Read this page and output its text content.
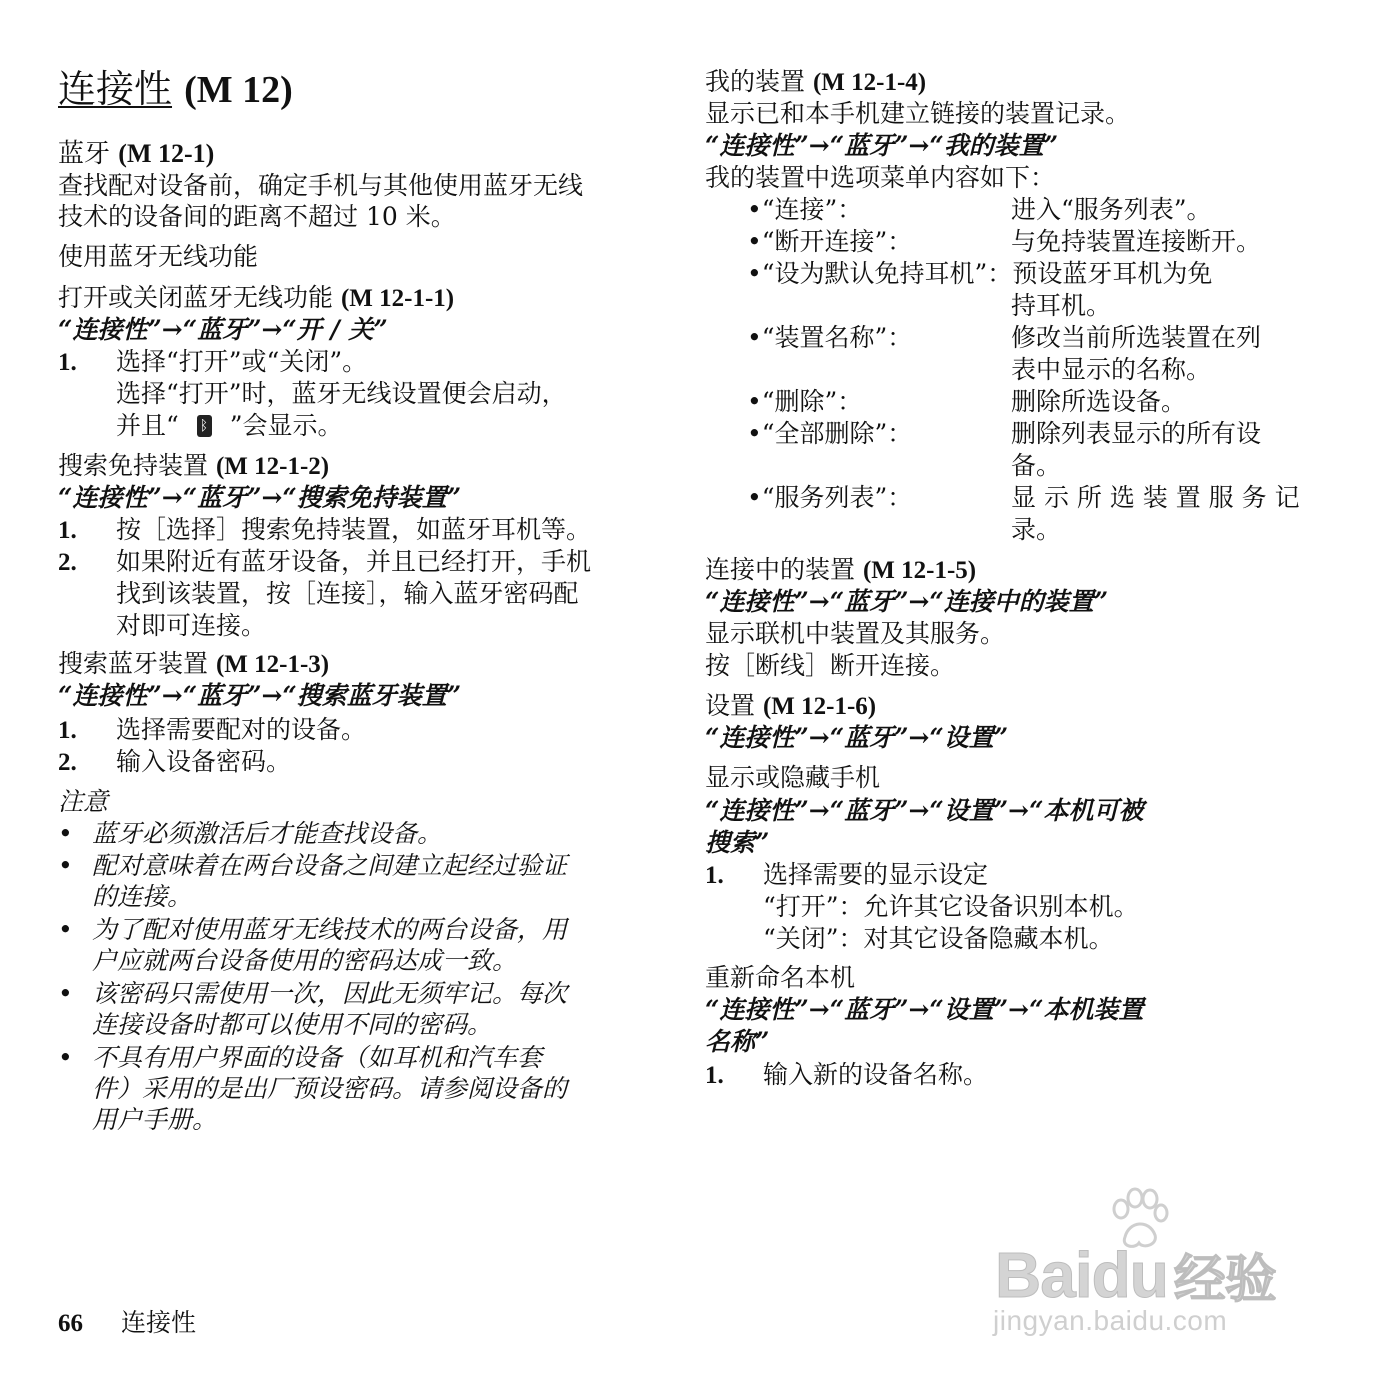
连接性 (M 12)
蓝牙 (M 12-1)
查找配对设备前，确定手机与其他使用蓝牙无线
技术的设备间的距离不超过 10 米。
使用蓝牙无线功能
打开或关闭蓝牙无线功能 (M 12-1-1)
“连接性”→“蓝牙”→“开 / 关”
1. 选择“打开”或“关闭”。
选择“打开”时，蓝牙无线设置便会启动，
并且“ᛒ ”会显示。
搜索免持装置 (M 12-1-2)
“连接性”→“蓝牙”→“搜索免持装置”
1. 按［选择］搜索免持装置，如蓝牙耳机等。
2. 如果附近有蓝牙设备，并且已经打开，手机
找到该装置，按［连接］，输入蓝牙密码配
对即可连接。
搜索蓝牙装置 (M 12-1-3)
“连接性”→“蓝牙”→“搜索蓝牙装置”
1. 选择需要配对的设备。
2. 输入设备密码。
注意
• 蓝牙必须激活后才能查找设备。
• 配对意味着在两台设备之间建立起经过验证
的连接。
• 为了配对使用蓝牙无线技术的两台设备，用
户应就两台设备使用的密码达成一致。
• 该密码只需使用一次，因此无须牢记。每次
连接设备时都可以使用不同的密码。
• 不具有用户界面的设备（如耳机和汽车套
件）采用的是出厂预设密码。请参阅设备的
用户手册。
我的装置 (M 12-1-4)
显示已和本手机建立链接的装置记录。
“连接性”→“蓝牙”→“我的装置”
我的装置中选项菜单内容如下：
•“连接”：	进入“服务列表”。
•“断开连接”：	与免持装置连接断开。
•“设为默认免持耳机”：预设蓝牙耳机为免
持耳机。
•“装置名称”：	修改当前所选装置在列
表中显示的名称。
•“删除”：	删除所选设备。
•“全部删除”：	删除列表显示的所有设
备。
•“服务列表”：	显 示 所 选 装 置 服 务 记
录。
连接中的装置 (M 12-1-5)
“连接性”→“蓝牙”→“连接中的装置”
显示联机中装置及其服务。
按［断线］断开连接。
设置 (M 12-1-6)
“连接性”→“蓝牙”→“设置”
显示或隐藏手机
“连接性”→“蓝牙”→“设置”→“本机可被
搜索”
1. 选择需要的显示设定
“打开”：允许其它设备识别本机。
“关闭”：对其它设备隐藏本机。
重新命名本机
“连接性”→“蓝牙”→“设置”→“本机装置
名称”
1. 输入新的设备名称。
66 连接性
Baidu 经验
jingyan.baidu.com
